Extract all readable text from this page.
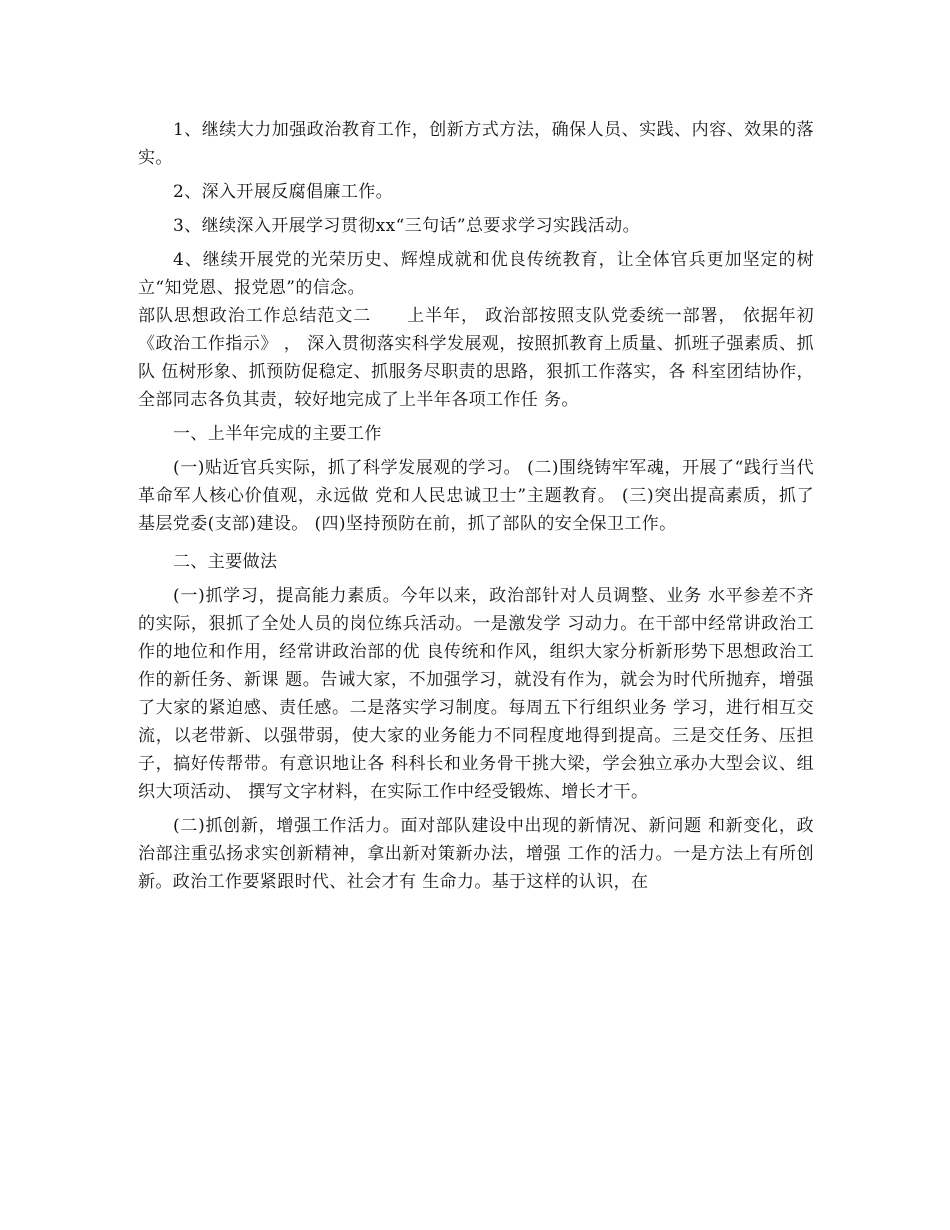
1、继续大力加强政治教育工作，创新方式方法，确保人员、实践、内容、效果的落实。

2、深入开展反腐倡廉工作。

3、继续深入开展学习贯彻xx“三句话”总要求学习实践活动。

4、继续开展党的光荣历史、辉煌成就和优良传统教育，让全体官兵更加坚定的树立“知党恩、报党恩”的信念。

部队思想政治工作总结范文二　　上半年， 政治部按照支队党委统一部署， 依据年初 《政治工作指示》 ， 深入贯彻落实科学发展观，按照抓教育上质量、抓班子强素质、抓队 伍树形象、抓预防促稳定、抓服务尽职责的思路，狠抓工作落实，各 科室团结协作，全部同志各负其责，较好地完成了上半年各项工作任 务。

一、上半年完成的主要工作

(一)贴近官兵实际，抓了科学发展观的学习。 (二)围绕铸牢军魂，开展了“践行当代革命军人核心价值观，永远做 党和人民忠诚卫士”主题教育。 (三)突出提高素质，抓了基层党委(支部)建设。 (四)坚持预防在前，抓了部队的安全保卫工作。

二、主要做法

(一)抓学习，提高能力素质。今年以来，政治部针对人员调整、业务 水平参差不齐的实际，狠抓了全处人员的岗位练兵活动。一是激发学 习动力。在干部中经常讲政治工作的地位和作用，经常讲政治部的优 良传统和作风，组织大家分析新形势下思想政治工作的新任务、新课 题。告诫大家，不加强学习，就没有作为，就会为时代所抛弃，增强了大家的紧迫感、责任感。二是落实学习制度。每周五下行组织业务 学习，进行相互交流，以老带新、以强带弱，使大家的业务能力不同程度地得到提高。三是交任务、压担子，搞好传帮带。有意识地让各 科科长和业务骨干挑大梁，学会独立承办大型会议、组织大项活动、 撰写文字材料，在实际工作中经受锻炼、增长才干。

(二)抓创新，增强工作活力。面对部队建设中出现的新情况、新问题 和新变化，政治部注重弘扬求实创新精神，拿出新对策新办法，增强 工作的活力。一是方法上有所创新。政治工作要紧跟时代、社会才有 生命力。基于这样的认识，在
